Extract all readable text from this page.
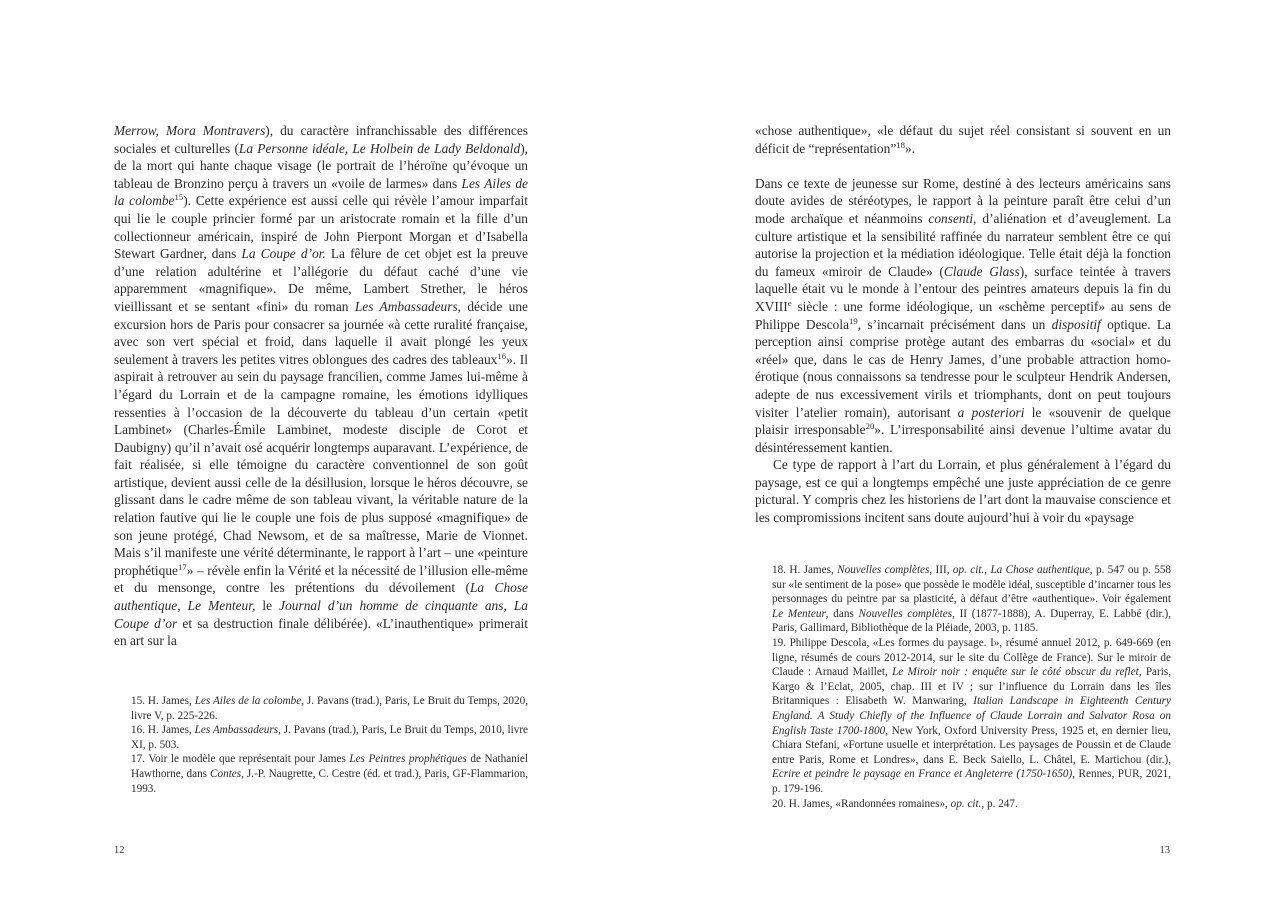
Merrow, Mora Montravers), du caractère infranchissable des différences sociales et culturelles (La Personne idéale, Le Holbein de Lady Beldonald), de la mort qui hante chaque visage (le portrait de l’héroïne qu’évoque un tableau de Bronzino perçu à travers un «voile de larmes» dans Les Ailes de la colombe$^{15}$). Cette expérience est aussi celle qui révèle l’amour imparfait qui lie le couple princier formé par un aristocrate romain et la fille d’un collectionneur américain, inspiré de John Pierpont Morgan et d’Isabella Stewart Gardner, dans La Coupe d’or. La fêlure de cet objet est la preuve d’une relation adultérine et l’allégorie du défaut caché d’une vie apparemment «magnifique». De même, Lambert Strether, le héros vieillissant et se sentant «fini» du roman Les Ambassadeurs, décide une excursion hors de Paris pour consacrer sa journée «à cette ruralité française, avec son vert spécial et froid, dans laquelle il avait plongé les yeux seulement à travers les petites vitres oblongues des cadres des tableaux$^{16}$». Il aspirait à retrouver au sein du paysage francilien, comme James lui-même à l’égard du Lorrain et de la campagne romaine, les émotions idylliques ressenties à l’occasion de la découverte du tableau d’un certain «petit Lambinet» (Charles-Émile Lambinet, modeste disciple de Corot et Daubigny) qu’il n’avait osé acquérir longtemps auparavant. L’expérience, de fait réalisée, si elle témoigne du caractère conventionnel de son goût artistique, devient aussi celle de la désillusion, lorsque le héros découvre, se glissant dans le cadre même de son tableau vivant, la véritable nature de la relation fautive qui lie le couple une fois de plus supposé «magnifique» de son jeune protégé, Chad Newsom, et de sa maîtresse, Marie de Vionnet. Mais s’il manifeste une vérité déterminante, le rapport à l’art – une «peinture prophétique$^{17}$» – révèle enfin la Vérité et la nécessité de l’illusion elle-même et du mensonge, contre les prétentions du dévoilement (La Chose authentique, Le Menteur, le Journal d’un homme de cinquante ans, La Coupe d’or et sa destruction finale délibérée). «L’inauthentique» primerait en art sur la

15. H. James, Les Ailes de la colombe, J. Pavans (trad.), Paris, Le Bruit du Temps, 2020, livre V, p. 225-226.

16. H. James, Les Ambassadeurs, J. Pavans (trad.), Paris, Le Bruit du Temps, 2010, livre XI, p. 503.

17. Voir le modèle que représentait pour James Les Peintres prophétiques de Nathaniel Hawthorne, dans Contes, J.-P. Naugrette, C. Cestre (éd. et trad.), Paris, GF-Flammarion, 1993.

12

«chose authentique», «le défaut du sujet réel consistant si souvent en un déficit de “représentation”$^{18}$».

Dans ce texte de jeunesse sur Rome, destiné à des lecteurs américains sans doute avides de stéréotypes, le rapport à la peinture paraît être celui d’un mode archaïque et néanmoins consenti, d’aliénation et d’aveuglement. La culture artistique et la sensibilité raffinée du narrateur semblent être ce qui autorise la projection et la médiation idéologique. Telle était déjà la fonction du fameux «miroir de Claude» (Claude Glass), surface teintée à travers laquelle était vu le monde à l’entour des peintres amateurs depuis la fin du XVIIIe siècle : une forme idéologique, un «schème perceptif» au sens de Philippe Descola$^{19}$, s’incarnait précisément dans un dispositif optique. La perception ainsi comprise protège autant des embarras du «social» et du «réel» que, dans le cas de Henry James, d’une probable attraction homo-érotique (nous connaissons sa tendresse pour le sculpteur Hendrik Andersen, adepte de nus excessivement virils et triomphants, dont on peut toujours visiter l’atelier romain), autorisant a posteriori le «souvenir de quelque plaisir irresponsable$^{20}$». L’irresponsabilité ainsi devenue l’ultime avatar du désintéressement kantien.

Ce type de rapport à l’art du Lorrain, et plus généralement à l’égard du paysage, est ce qui a longtemps empêché une juste appréciation de ce genre pictural. Y compris chez les historiens de l’art dont la mauvaise conscience et les compromissions incitent sans doute aujourd’hui à voir du «paysage

18. H. James, Nouvelles complètes, III, op. cit., La Chose authentique, p. 547 ou p. 558 sur «le sentiment de la pose» que possède le modèle idéal, susceptible d’incarner tous les personnages du peintre par sa plasticité, à défaut d’être «authentique». Voir également Le Menteur, dans Nouvelles complètes, II (1877-1888), A. Duperray, E. Labbé (dir.), Paris, Gallimard, Bibliothèque de la Pléiade, 2003, p. 1185.

19. Philippe Descola, «Les formes du paysage. I», résumé annuel 2012, p. 649-669 (en ligne, résumés de cours 2012-2014, sur le site du Collège de France). Sur le miroir de Claude : Arnaud Maillet, Le Miroir noir : enquête sur le côté obscur du reflet, Paris, Kargo & l’Eclat, 2005, chap. III et IV ; sur l’influence du Lorrain dans les îles Britanniques : Elisabeth W. Manwaring, Italian Landscape in Eighteenth Century England. A Study Chiefly of the Influence of Claude Lorrain and Salvator Rosa on English Taste 1700-1800, New York, Oxford University Press, 1925 et, en dernier lieu, Chiara Stefani, «Fortune usuelle et interprétation. Les paysages de Poussin et de Claude entre Paris, Rome et Londres», dans E. Beck Saiello, L. Châtel, E. Martichou (dir.), Ecrire et peindre le paysage en France et Angleterre (1750-1650), Rennes, PUR, 2021, p. 179-196.

20. H. James, «Randonnées romaines», op. cit., p. 247.

13
